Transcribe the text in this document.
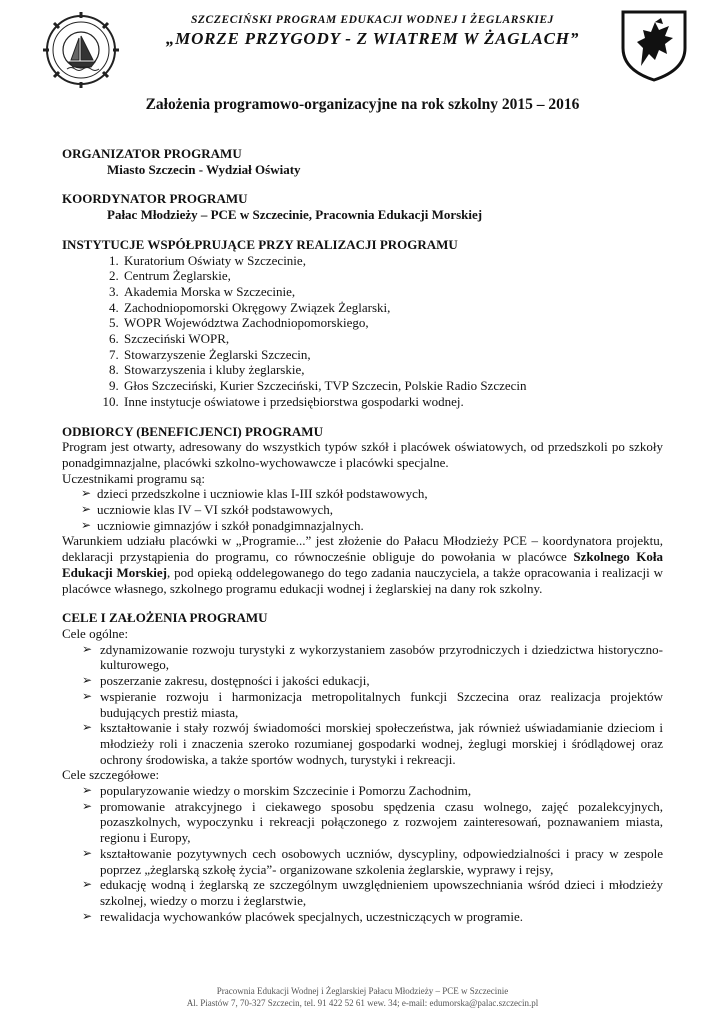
SZCZECIŃSKI PROGRAM EDUKACJI WODNEJ I ŻEGLARSKIEJ
„MORZE PRZYGODY - Z WIATREM W ŻAGLACH”
Założenia programowo-organizacyjne na rok szkolny 2015 – 2016
ORGANIZATOR PROGRAMU
Miasto Szczecin - Wydział Oświaty
KOORDYNATOR PROGRAMU
Pałac Młodzieży – PCE w Szczecinie, Pracownia Edukacji Morskiej
INSTYTUCJE WSPÓŁPRUJĄCE PRZY REALIZACJI PROGRAMU
1. Kuratorium Oświaty w Szczecinie,
2. Centrum Żeglarskie,
3. Akademia Morska w Szczecinie,
4. Zachodniopomorski Okręgowy Związek Żeglarski,
5. WOPR Województwa Zachodniopomorskiego,
6. Szczeciński WOPR,
7. Stowarzyszenie Żeglarski Szczecin,
8. Stowarzyszenia i kluby żeglarskie,
9. Głos Szczeciński, Kurier Szczeciński, TVP Szczecin, Polskie Radio Szczecin
10. Inne instytucje oświatowe i przedsiębiorstwa gospodarki wodnej.
ODBIORCY (BENEFICJENCI) PROGRAMU

Program jest otwarty, adresowany do wszystkich typów szkół i placówek oświatowych, od przedszkoli po szkoły ponadgimnazjalne, placówki szkolno-wychowawcze i placówki specjalne.

Uczestnikami programu są:
➢ dzieci przedszkolne i uczniowie klas I-III szkół podstawowych,
➢ uczniowie klas IV – VI szkół podstawowych,
➢ uczniowie gimnazjów i szkół ponadgimnazjalnych.

Warunkiem udziału placówki w „Programie...” jest złożenie do Pałacu Młodzieży PCE – koordynatora projektu, deklaracji przystąpienia do programu, co równocześnie obliguje do powołania w placówce Szkolnego Koła Edukacji Morskiej, pod opieką oddelegowanego do tego zadania nauczyciela, a także opracowania i realizacji w placówce własnego, szkolnego programu edukacji wodnej i żeglarskiej na dany rok szkolny.

CELE I ZAŁOŻENIA PROGRAMU
Cele ogólne:
➢ zdynamizowanie rozwoju turystyki z wykorzystaniem zasobów przyrodniczych i dziedzictwa historyczno-kulturowego,
➢ poszerzanie zakresu, dostępności i jakości edukacji,
➢ wspieranie rozwoju i harmonizacja metropolitalnych funkcji Szczecina oraz realizacja projektów budujących prestiż miasta,
➢ kształtowanie i stały rozwój świadomości morskiej społeczeństwa, jak również uświadamianie dzieciom i młodzieży roli i znaczenia szeroko rozumianej gospodarki wodnej, żeglugi morskiej i śródlądowej oraz ochrony środowiska, a także sportów wodnych, turystyki i rekreacji.
Cele szczegółowe:
➢ popularyzowanie wiedzy o morskim Szczecinie i Pomorzu Zachodnim,
➢ promowanie atrakcyjnego i ciekawego sposobu spędzenia czasu wolnego, zajęć pozalekcyjnych, pozaszkolnych, wypoczynku i rekreacji połączonego z rozwojem zainteresowań, poznawaniem miasta, regionu i Europy,
➢ kształtowanie pozytywnych cech osobowych uczniów, dyscypliny, odpowiedzialności i pracy w zespole poprzez „żeglarską szkołę życia”- organizowane szkolenia żeglarskie, wyprawy i rejsy,
➢ edukację wodną i żeglarską ze szczególnym uwzględnieniem upowszechniania wśród dzieci i młodzieży szkolnej, wiedzy o morzu i żeglarstwie,
➢ rewalidacja wychowanków placówek specjalnych, uczestniczących w programie.
Pracownia Edukacji Wodnej i Żeglarskiej Pałacu Młodzieży – PCE w Szczecinie
Al. Piastów 7, 70-327 Szczecin, tel. 91 422 52 61 wew. 34; e-mail: edumorska@palac.szczecin.pl
